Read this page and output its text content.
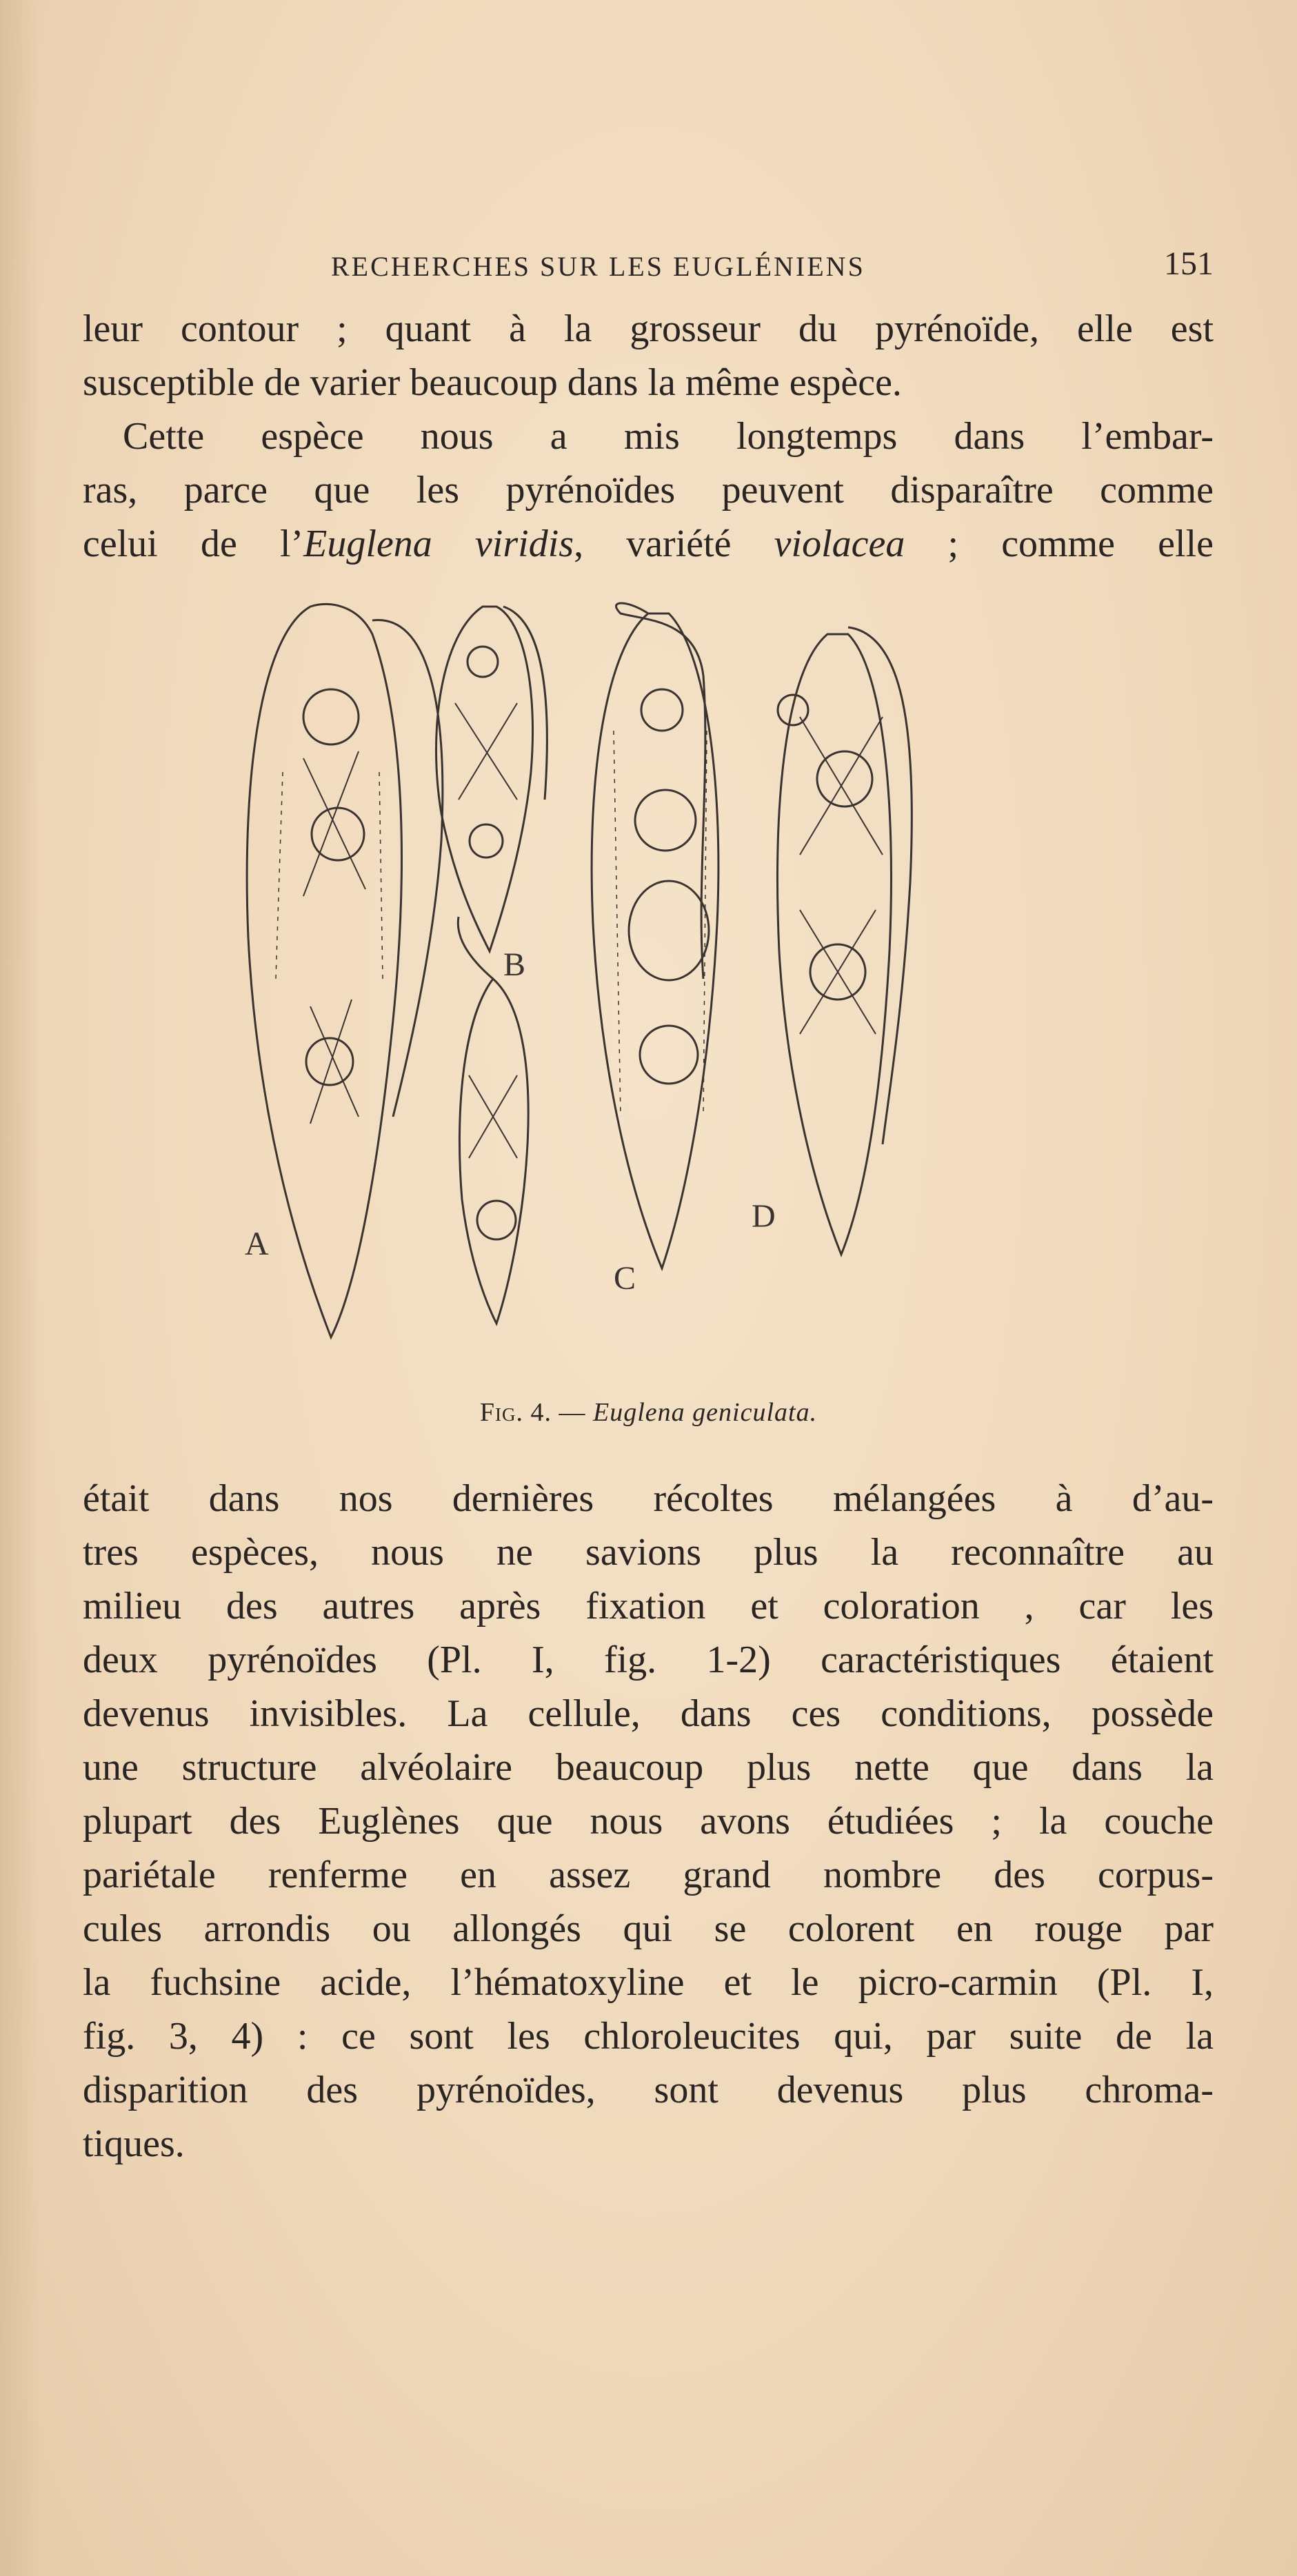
RECHERCHES SUR LES EUGLÉNIENS	151
leur contour ; quant à la grosseur du pyrénoïde, elle est
susceptible de varier beaucoup dans la même espèce.
Cette espèce nous a mis longtemps dans l’embar-
ras, parce que les pyrénoïdes peuvent disparaître comme
celui de l’Euglena viridis, variété violacea ; comme elle
A
B
C
D
Fig. 4. — Euglena geniculata.
était dans nos dernières récoltes mélangées à d’au-
tres espèces, nous ne savions plus la reconnaître au
milieu des autres après fixation et coloration , car les
deux pyrénoïdes (Pl. I, fig. 1-2) caractéristiques étaient
devenus invisibles. La cellule, dans ces conditions, possède
une structure alvéolaire beaucoup plus nette que dans la
plupart des Euglènes que nous avons étudiées ; la couche
pariétale renferme en assez grand nombre des corpus-
cules arrondis ou allongés qui se colorent en rouge par
la fuchsine acide, l’hématoxyline et le picro-carmin (Pl. I,
fig. 3, 4) : ce sont les chloroleucites qui, par suite de la
disparition des pyrénoïdes, sont devenus plus chroma-
tiques.
